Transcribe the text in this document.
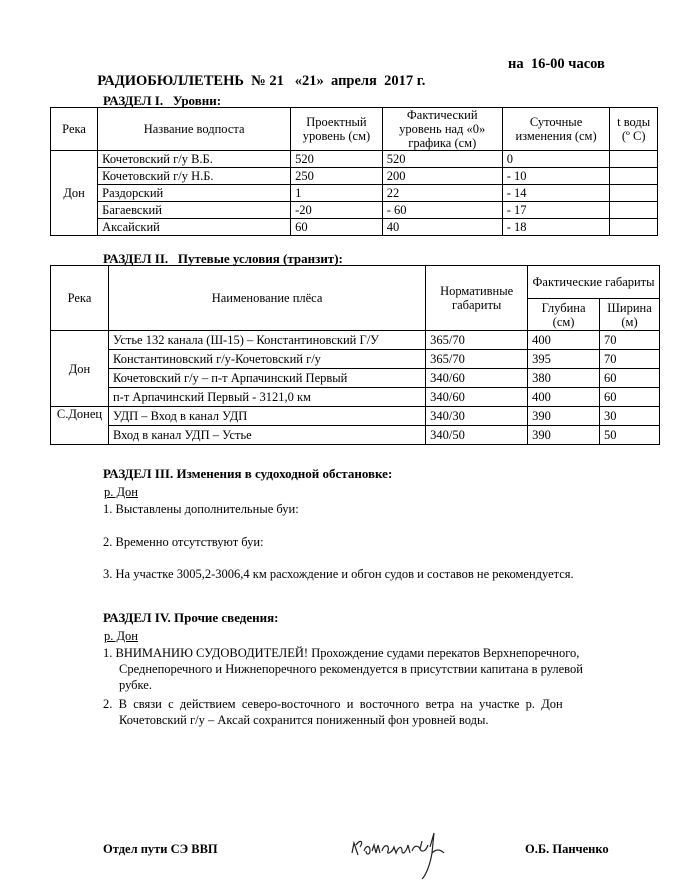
РАДИОБЮЛЛЕТЕНЬ  № 21   «21»  апреля  2017 г.

на  16-00 часов

РАЗДЕЛ I.   Уровни:
Река	Название водпоста	Проектный уровень (см)	Фактический уровень над «0» графика (см)	Суточные изменения (см)	t воды (º С)
Дон	Кочетовский г/у В.Б.	520	520	0	
	Кочетовский г/у Н.Б.	250	200	- 10	
	Раздорский	1	22	- 14	
	Багаевский	-20	- 60	- 17	
	Аксайский	60	40	- 18	
РАЗДЕЛ II.   Путевые условия (транзит):
Река	Наименование плёса	Нормативные габариты	Фактические габариты	
			Глубина (см)	Ширина (м)
Дон	Устье 132 канала (Ш-15) – Константиновский Г/У	365/70	400	70
	Константиновский г/у-Кочетовский г/у	365/70	395	70
	Кочетовский г/у – п-т Арпачинский Первый	340/60	380	60
	п-т Арпачинский Первый - 3121,0 км	340/60	400	60
С.Донец	УДП – Вход в канал УДП	340/30	390	30
	Вход в канал УДП – Устье	340/50	390	50
РАЗДЕЛ III. Изменения в судоходной обстановке:
р. Дон
1. Выставлены дополнительные буи:
2. Временно отсутствуют буи:
3. На участке 3005,2-3006,4 км расхождение и обгон судов и составов не рекомендуется.
РАЗДЕЛ IV. Прочие сведения:
р. Дон
1. ВНИМАНИЮ СУДОВОДИТЕЛЕЙ! Прохождение судами перекатов Верхнепоречного,
Среднепоречного и Нижнепоречного рекомендуется в присутствии капитана в рулевой
рубке.
2.  В  связи  с  действием  северо-восточного  и  восточного  ветра  на  участке  р.  Дон
Кочетовский г/у – Аксай сохранится пониженный фон уровней воды.
Отдел пути СЭ ВВП	О.Б. Панченко
